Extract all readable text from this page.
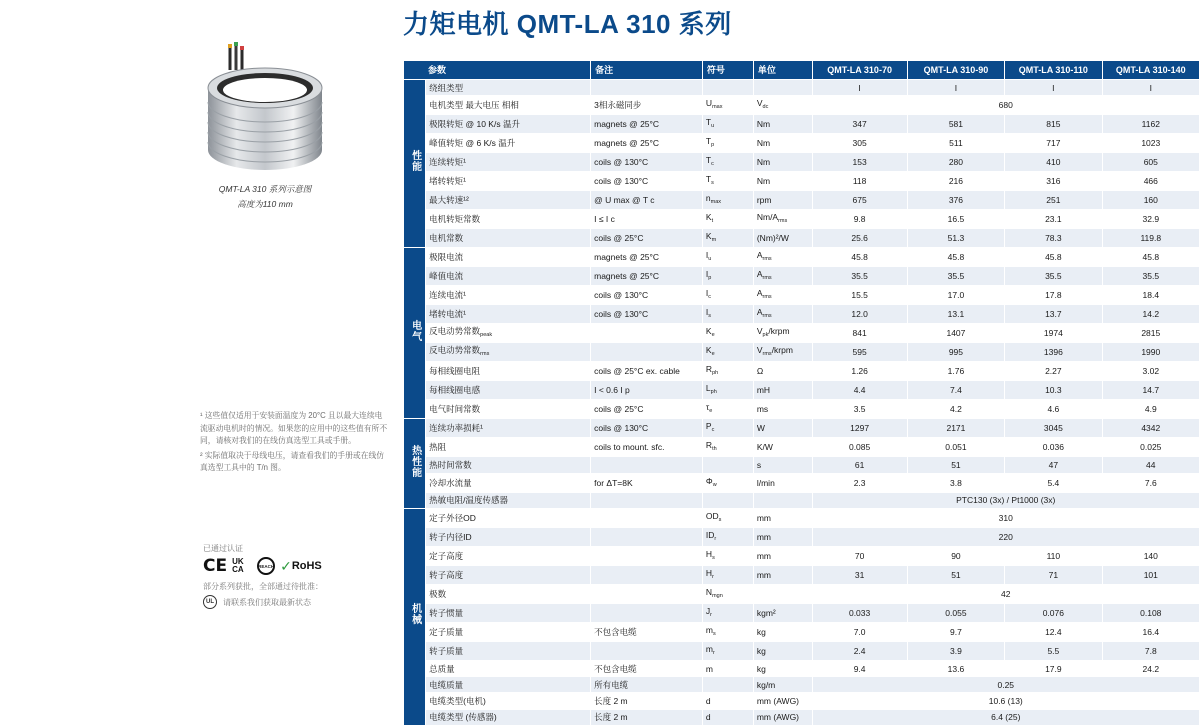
力矩电机 QMT-LA 310 系列
QMT-LA 310 系列示意图
高度为110 mm

¹ 这些值仅适用于安装面温度为 20°C 且以最大连续电流驱动电机时的情况。如果您的应用中的这些值有所不同，请核对我们的在线仿真选型工具或手册。

² 实际值取决于母线电压，请查看我们的手册或在线仿真选型工具中的 T/n 图。

已通过认证
CE UK CA	REACH ✓ RoHS
部分系列获批，全部通过待批准：
UL	请联系我们获取最新状态
参数		备注	符号	单位	QMT-LA 310-70	QMT-LA 310-90	QMT-LA 310-110	QMT-LA 310-140
性能	绕组类型				I	I	I	I
	电机类型 最大电压 相相	3相永磁同步	$U_{max}$	$V_{dc}$	680			
	极限转矩 @ 10 K/s 温升	magnets @ 25°C	$T_u$	Nm	347	581	815	1162
	峰值转矩 @ 6 K/s 温升	magnets @ 25°C	$T_p$	Nm	305	511	717	1023
	连续转矩¹	coils @ 130°C	$T_c$	Nm	153	280	410	605
	堵转转矩¹	coils @ 130°C	$T_s$	Nm	118	216	316	466
	最大转速¹²	@ U max @ T c	$n_{max}$	rpm	675	376	251	160
	电机转矩常数	I ≤ I c	$K_t$	$Nm/A_{rms}$	9.8	16.5	23.1	32.9
	电机常数	coils @ 25°C	$K_m$	(Nm)²/W	25.6	51.3	78.3	119.8
电气	极限电流	magnets @ 25°C	$I_u$	$A_{rms}$	45.8	45.8	45.8	45.8
	峰值电流	magnets @ 25°C	$I_p$	$A_{rms}$	35.5	35.5	35.5	35.5
	连续电流¹	coils @ 130°C	$I_c$	$A_{rms}$	15.5	17.0	17.8	18.4
	堵转电流¹	coils @ 130°C	$I_s$	$A_{rms}$	12.0	13.1	13.7	14.2
	反电动势常数$_{peak}$		$K_e$	$V_{pk}$/krpm	841	1407	1974	2815
	反电动势常数$_{rms}$		$K_e$	$V_{rms}$/krpm	595	995	1396	1990
	每相线圈电阻	coils @ 25°C ex. cable	$R_{ph}$	Ω	1.26	1.76	2.27	3.02
	每相线圈电感	I < 0.6 I p	$L_{ph}$	mH	4.4	7.4	10.3	14.7
	电气时间常数	coils @ 25°C	$\tau_e$	ms	3.5	4.2	4.6	4.9
热性能	连续功率损耗¹	coils @ 130°C	$P_c$	W	1297	2171	3045	4342
	热阻	coils to mount. sfc.	$R_{th}$	K/W	0.085	0.051	0.036	0.025
	热时间常数			s	61	51	47	44
	冷却水流量	for ΔT=8K	$\Phi_w$	l/min	2.3	3.8	5.4	7.6
	热敏电阻/温度传感器				PTC130 (3x) / Pt1000 (3x)			
机械	定子外径OD		$OD_s$	mm	310			
	转子内径ID		$ID_r$	mm	220			
	定子高度		$H_s$	mm	70	90	110	140
	转子高度		$H_r$	mm	31	51	71	101
	极数		$N_{mgn}$		42			
	转子惯量		$J_r$	kgm²	0.033	0.055	0.076	0.108
	定子质量	不包含电缆	$m_s$	kg	7.0	9.7	12.4	16.4
	转子质量		$m_r$	kg	2.4	3.9	5.5	7.8
	总质量	不包含电缆	m	kg	9.4	13.6	17.9	24.2
	电缆质量	所有电缆		kg/m	0.25			
	电缆类型(电机)	长度 2 m	d	mm (AWG)	10.6 (13)			
	电缆类型 (传感器)	长度 2 m	d	mm (AWG)	6.4 (25)			
